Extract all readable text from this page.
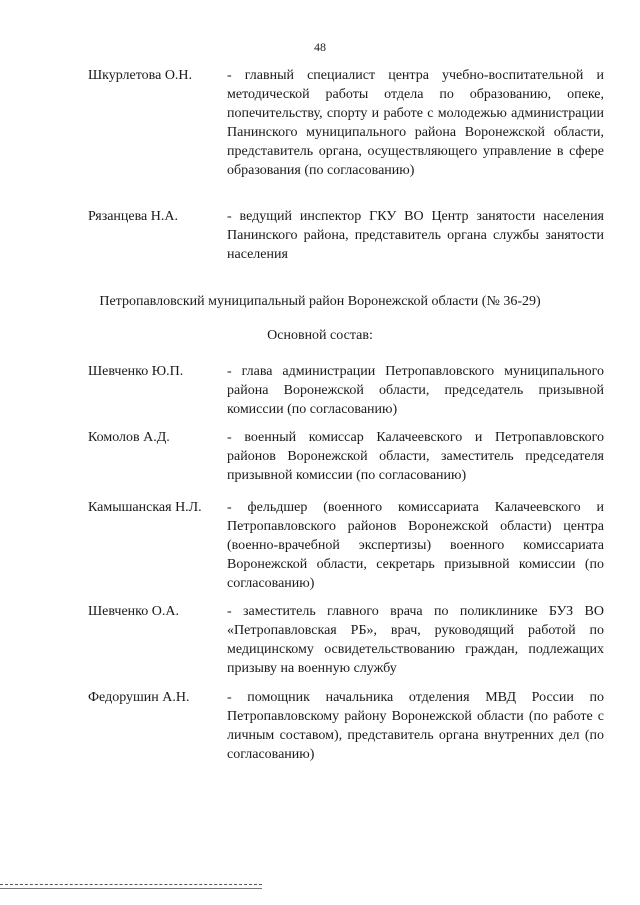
48
Шкурлетова О.Н.	- главный специалист центра учебно-воспитательной и методической работы отдела по образованию, опеке, попечительству, спорту и работе с молодежью администрации Панинского муниципального района Воронежской области, представитель органа, осуществляющего управление в сфере образования (по согласованию)
Рязанцева Н.А.	- ведущий инспектор ГКУ ВО Центр занятости населения Панинского района, представитель органа службы занятости населения
Петропавловский муниципальный район Воронежской области (№ 36-29)
Основной состав:
Шевченко Ю.П.	- глава администрации Петропавловского муниципального района Воронежской области, председатель призывной комиссии (по согласованию)
Комолов А.Д.	- военный комиссар Калачеевского и Петропавловского районов Воронежской области, заместитель председателя призывной комиссии (по согласованию)
Камышанская Н.Л.	- фельдшер (военного комиссариата Калачеевского и Петропавловского районов Воронежской области) центра (военно-врачебной экспертизы) военного комиссариата Воронежской области, секретарь призывной комиссии (по согласованию)
Шевченко О.А.	- заместитель главного врача по поликлинике БУЗ ВО «Петропавловская РБ», врач, руководящий работой по медицинскому освидетельствованию граждан, подлежащих призыву на военную службу
Федорушин А.Н.	- помощник начальника отделения МВД России по Петропавловскому району Воронежской области (по работе с личным составом), представитель органа внутренних дел (по согласованию)
